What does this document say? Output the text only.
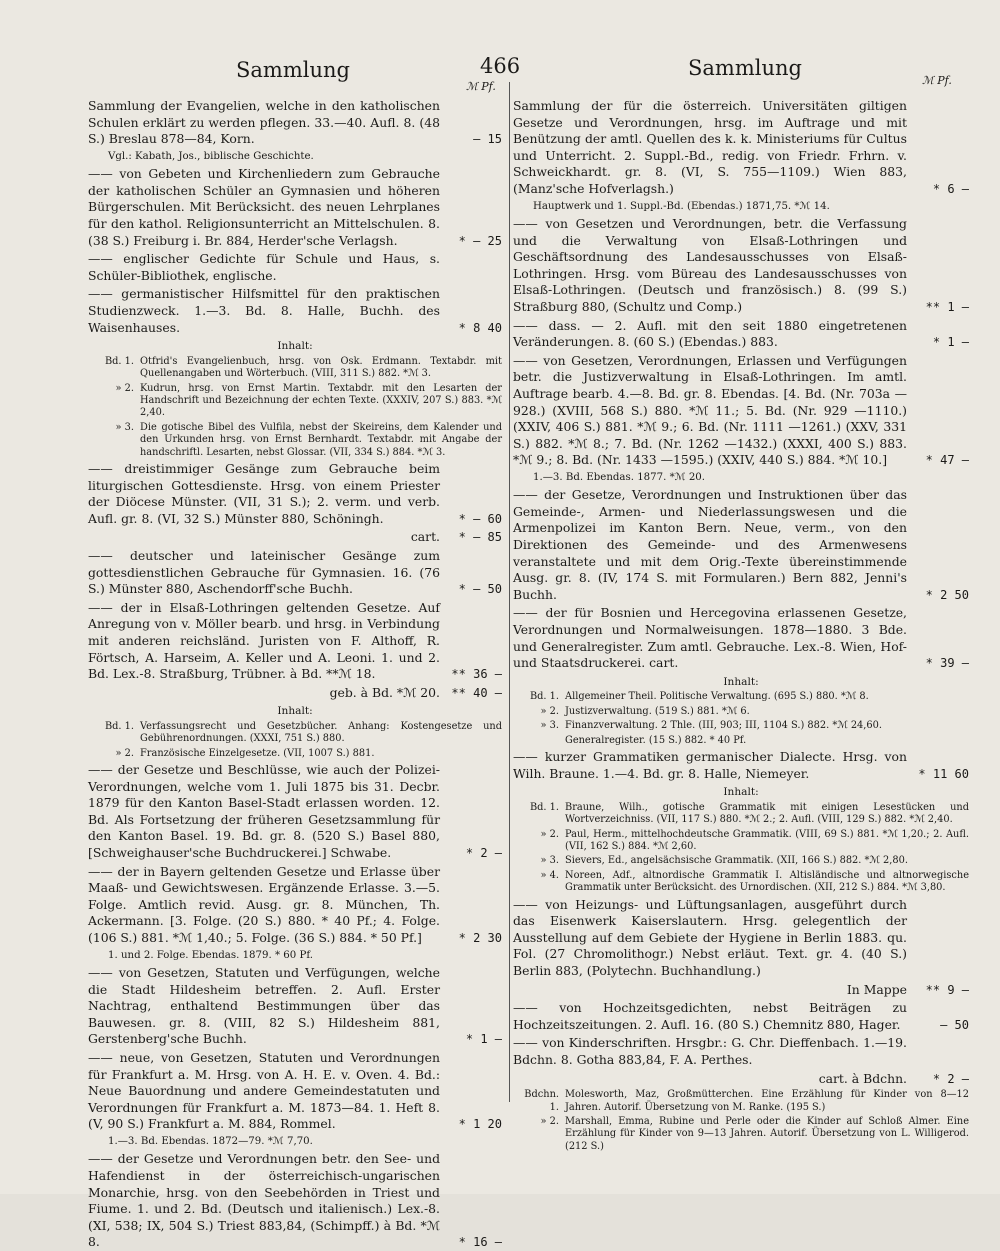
Sammlung	466	Sammlung
ℳ Pf.	ℳ Pf.
Sammlung der Evangelien, welche in den katholischen Schulen erklärt zu werden pflegen. 33.—40. Aufl. 8. (48 S.) Breslau 878—84, Korn.	— 15
Vgl.: Kabath, Jos., biblische Geschichte.
—— von Gebeten und Kirchenliedern zum Gebrauche der katholischen Schüler an Gymnasien und höheren Bürgerschulen. Mit Berücksicht. des neuen Lehrplanes für den kathol. Religionsunterricht an Mittelschulen. 8. (38 S.) Freiburg i. Br. 884, Herder'sche Verlagsh.	* — 25
—— englischer Gedichte für Schule und Haus, s. Schüler-Bibliothek, englische.
—— germanistischer Hilfsmittel für den praktischen Studienzweck. 1.—3. Bd. 8. Halle, Buchh. des Waisenhauses.	* 8 40
Inhalt:
Bd. 1. Otfrid's Evangelienbuch, hrsg. von Osk. Erdmann. Textabdr. mit Quellenangaben und Wörterbuch. (VIII, 311 S.) 882. *ℳ 3.
» 2. Kudrun, hrsg. von Ernst Martin. Textabdr. mit den Lesarten der Handschrift und Bezeichnung der echten Texte. (XXXIV, 207 S.) 883. *ℳ 2,40.
» 3. Die gotische Bibel des Vulfila, nebst der Skeireins, dem Kalender und den Urkunden hrsg. von Ernst Bernhardt. Textabdr. mit Angabe der handschriftl. Lesarten, nebst Glossar. (VII, 334 S.) 884. *ℳ 3.
—— dreistimmiger Gesänge zum Gebrauche beim liturgischen Gottesdienste. Hrsg. von einem Priester der Diöcese Münster. (VII, 31 S.); 2. verm. und verb. Aufl. gr. 8. (VI, 32 S.) Münster 880, Schöningh.	* — 60
cart. * — 85
—— deutscher und lateinischer Gesänge zum gottesdienstlichen Gebrauche für Gymnasien. 16. (76 S.) Münster 880, Aschendorff'sche Buchh.	* — 50
—— der in Elsaß-Lothringen geltenden Gesetze. Auf Anregung von v. Möller bearb. und hrsg. in Verbindung mit anderen reichsländ. Juristen von F. Althoff, R. Förtsch, A. Harseim, A. Keller und A. Leoni. 1. und 2. Bd. Lex.-8. Straßburg, Trübner. à Bd. **ℳ 18.	** 36 —
geb. à Bd. *ℳ 20. ** 40 —
Inhalt:
Bd. 1. Verfassungsrecht und Gesetzbücher. Anhang: Kostengesetze und Gebührenordnungen. (XXXI, 751 S.) 880.
» 2. Französische Einzelgesetze. (VII, 1007 S.) 881.
—— der Gesetze und Beschlüsse, wie auch der Polizei-Verordnungen, welche vom 1. Juli 1875 bis 31. Decbr. 1879 für den Kanton Basel-Stadt erlassen worden. 12. Bd. Als Fortsetzung der früheren Gesetzsammlung für den Kanton Basel. 19. Bd. gr. 8. (520 S.) Basel 880, [Schweighauser'sche Buchdruckerei.] Schwabe.	* 2 —
—— der in Bayern geltenden Gesetze und Erlasse über Maaß- und Gewichtswesen. Ergänzende Erlasse. 3.—5. Folge. Amtlich revid. Ausg. gr. 8. München, Th. Ackermann. [3. Folge. (20 S.) 880. * 40 Pf.; 4. Folge. (106 S.) 881. *ℳ 1,40.; 5. Folge. (36 S.) 884. * 50 Pf.]	* 2 30
1. und 2. Folge. Ebendas. 1879. * 60 Pf.
—— von Gesetzen, Statuten und Verfügungen, welche die Stadt Hildesheim betreffen. 2. Aufl. Erster Nachtrag, enthaltend Bestimmungen über das Bauwesen. gr. 8. (VIII, 82 S.) Hildesheim 881, Gerstenberg'sche Buchh.	* 1 —
—— neue, von Gesetzen, Statuten und Verordnungen für Frankfurt a. M. Hrsg. von A. H. E. v. Oven. 4. Bd.: Neue Bauordnung und andere Gemeindestatuten und Verordnungen für Frankfurt a. M. 1873—84. 1. Heft 8. (V, 90 S.) Frankfurt a. M. 884, Rommel.	* 1 20
1.—3. Bd. Ebendas. 1872—79. *ℳ 7,70.
—— der Gesetze und Verordnungen betr. den See- und Hafendienst in der österreichisch-ungarischen Monarchie, hrsg. von den Seebehörden in Triest und Fiume. 1. und 2. Bd. (Deutsch und italienisch.) Lex.-8. (XI, 538; IX, 504 S.) Triest 883,84, (Schimpff.) à Bd. *ℳ 8.	* 16 —
Sammlung der für die österreich. Universitäten giltigen Gesetze und Verordnungen, hrsg. im Auftrage und mit Benützung der amtl. Quellen des k. k. Ministeriums für Cultus und Unterricht. 2. Suppl.-Bd., redig. von Friedr. Frhrn. v. Schweickhardt. gr. 8. (VI, S. 755—1109.) Wien 883, (Manz'sche Hofverlagsh.)	* 6 —
Hauptwerk und 1. Suppl.-Bd. (Ebendas.) 1871,75. *ℳ 14.
—— von Gesetzen und Verordnungen, betr. die Verfassung und die Verwaltung von Elsaß-Lothringen und Geschäftsordnung des Landesausschusses von Elsaß-Lothringen. Hrsg. vom Büreau des Landesausschusses von Elsaß-Lothringen. (Deutsch und französisch.) 8. (99 S.) Straßburg 880, (Schultz und Comp.)	** 1 —
—— dass. — 2. Aufl. mit den seit 1880 eingetretenen Veränderungen. 8. (60 S.) (Ebendas.) 883.	* 1 —
—— von Gesetzen, Verordnungen, Erlassen und Verfügungen betr. die Justizverwaltung in Elsaß-Lothringen. Im amtl. Auftrage bearb. 4.—8. Bd. gr. 8. Ebendas. [4. Bd. (Nr. 703a —928.) (XVIII, 568 S.) 880. *ℳ 11.; 5. Bd. (Nr. 929 —1110.) (XXIV, 406 S.) 881. *ℳ 9.; 6. Bd. (Nr. 1111 —1261.) (XXV, 331 S.) 882. *ℳ 8.; 7. Bd. (Nr. 1262 —1432.) (XXXI, 400 S.) 883. *ℳ 9.; 8. Bd. (Nr. 1433 —1595.) (XXIV, 440 S.) 884. *ℳ 10.]	* 47 —
1.—3. Bd. Ebendas. 1877. *ℳ 20.
—— der Gesetze, Verordnungen und Instruktionen über das Gemeinde-, Armen- und Niederlassungswesen und die Armenpolizei im Kanton Bern. Neue, verm., von den Direktionen des Gemeinde- und des Armenwesens veranstaltete und mit dem Orig.-Texte übereinstimmende Ausg. gr. 8. (IV, 174 S. mit Formularen.) Bern 882, Jenni's Buchh.	* 2 50
—— der für Bosnien und Hercegovina erlassenen Gesetze, Verordnungen und Normalweisungen. 1878—1880. 3 Bde. und Generalregister. Zum amtl. Gebrauche. Lex.-8. Wien, Hof- und Staatsdruckerei. cart.	* 39 —
Inhalt:
Bd. 1. Allgemeiner Theil. Politische Verwaltung. (695 S.) 880. *ℳ 8.
» 2. Justizverwaltung. (519 S.) 881. *ℳ 6.
» 3. Finanzverwaltung. 2 Thle. (III, 903; III, 1104 S.) 882. *ℳ 24,60.
Generalregister. (15 S.) 882. * 40 Pf.
—— kurzer Grammatiken germanischer Dialecte. Hrsg. von Wilh. Braune. 1.—4. Bd. gr. 8. Halle, Niemeyer.	* 11 60
Inhalt:
Bd. 1. Braune, Wilh., gotische Grammatik mit einigen Lesestücken und Wortverzeichniss. (VII, 117 S.) 880. *ℳ 2.; 2. Aufl. (VIII, 129 S.) 882. *ℳ 2,40.
» 2. Paul, Herm., mittelhochdeutsche Grammatik. (VIII, 69 S.) 881. *ℳ 1,20.; 2. Aufl. (VII, 162 S.) 884. *ℳ 2,60.
» 3. Sievers, Ed., angelsächsische Grammatik. (XII, 166 S.) 882. *ℳ 2,80.
» 4. Noreen, Adf., altnordische Grammatik I. Altisländische und altnorwegische Grammatik unter Berücksicht. des Urnordischen. (XII, 212 S.) 884. *ℳ 3,80.
—— von Heizungs- und Lüftungsanlagen, ausgeführt durch das Eisenwerk Kaiserslautern. Hrsg. gelegentlich der Ausstellung auf dem Gebiete der Hygiene in Berlin 1883. qu. Fol. (27 Chromolithogr.) Nebst erläut. Text. gr. 4. (40 S.) Berlin 883, (Polytechn. Buchhandlung.)
In Mappe ** 9 —
—— von Hochzeitsgedichten, nebst Beiträgen zu Hochzeitszeitungen. 2. Aufl. 16. (80 S.) Chemnitz 880, Hager.	— 50
—— von Kinderschriften. Hrsgbr.: G. Chr. Dieffenbach. 1.—19. Bdchn. 8. Gotha 883,84, F. A. Perthes.
cart. à Bdchn. * 2 —
Bdchn. 1.
Molesworth, Maz, Großmütterchen. Eine Erzählung für Kinder von 8—12 Jahren. Autorif. Übersetzung von M. Ranke. (195 S.)
» 2. Marshall, Emma, Rubine und Perle oder die Kinder auf Schloß Almer. Eine Erzählung für Kinder von 9—13 Jahren. Autorif. Übersetzung von L. Willigerod. (212 S.)
